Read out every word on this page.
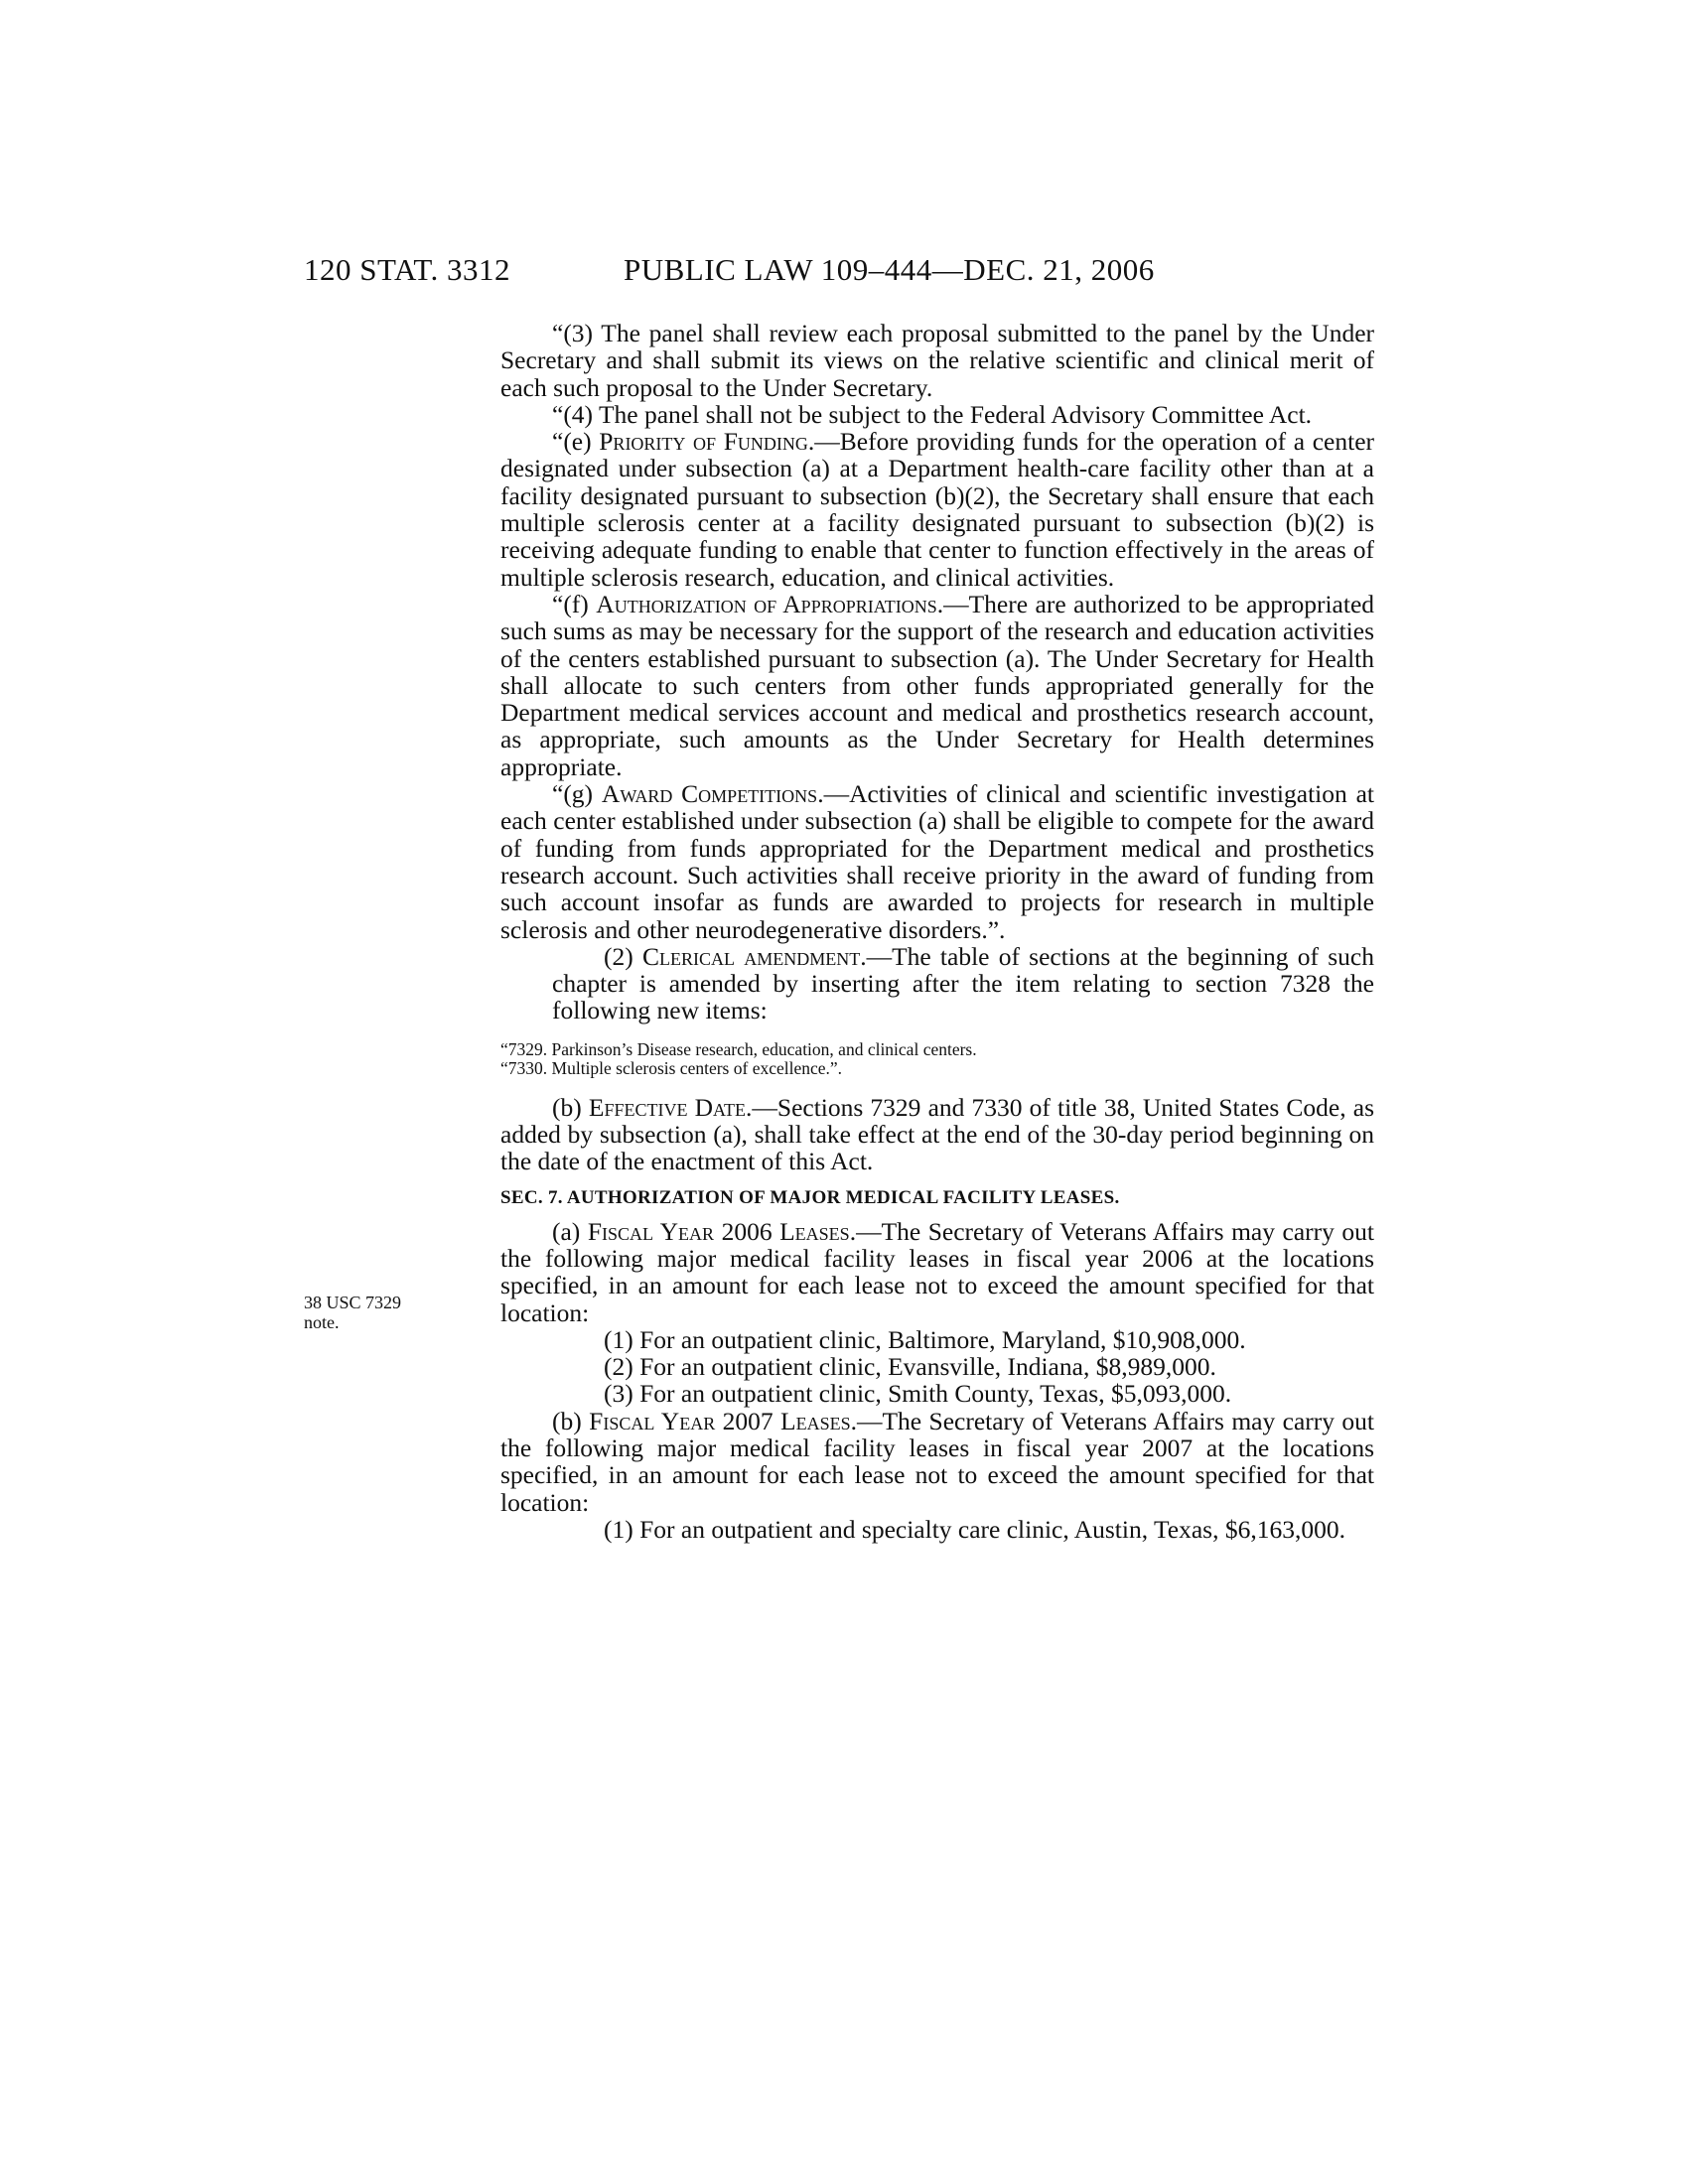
120 STAT. 3312	PUBLIC LAW 109–444—DEC. 21, 2006
38 USC 7329
note.

“(3) The panel shall review each proposal submitted to the panel by the Under Secretary and shall submit its views on the relative scientific and clinical merit of each such proposal to the Under Secretary.

“(4) The panel shall not be subject to the Federal Advisory Committee Act.

“(e) Priority of Funding.—Before providing funds for the operation of a center designated under subsection (a) at a Department health-care facility other than at a facility designated pursuant to subsection (b)(2), the Secretary shall ensure that each multiple sclerosis center at a facility designated pursuant to subsection (b)(2) is receiving adequate funding to enable that center to function effectively in the areas of multiple sclerosis research, education, and clinical activities.

“(f) Authorization of Appropriations.—There are authorized to be appropriated such sums as may be necessary for the support of the research and education activities of the centers established pursuant to subsection (a). The Under Secretary for Health shall allocate to such centers from other funds appropriated generally for the Department medical services account and medical and prosthetics research account, as appropriate, such amounts as the Under Secretary for Health determines appropriate.

“(g) Award Competitions.—Activities of clinical and scientific investigation at each center established under subsection (a) shall be eligible to compete for the award of funding from funds appropriated for the Department medical and prosthetics research account. Such activities shall receive priority in the award of funding from such account insofar as funds are awarded to projects for research in multiple sclerosis and other neurodegenerative disorders.”.

(2) Clerical amendment.—The table of sections at the beginning of such chapter is amended by inserting after the item relating to section 7328 the following new items:

“7329. Parkinson’s Disease research, education, and clinical centers.
“7330. Multiple sclerosis centers of excellence.”.

(b) Effective Date.—Sections 7329 and 7330 of title 38, United States Code, as added by subsection (a), shall take effect at the end of the 30-day period beginning on the date of the enactment of this Act.

SEC. 7. AUTHORIZATION OF MAJOR MEDICAL FACILITY LEASES.

(a) Fiscal Year 2006 Leases.—The Secretary of Veterans Affairs may carry out the following major medical facility leases in fiscal year 2006 at the locations specified, in an amount for each lease not to exceed the amount specified for that location:

(1) For an outpatient clinic, Baltimore, Maryland, $10,908,000.

(2) For an outpatient clinic, Evansville, Indiana, $8,989,000.

(3) For an outpatient clinic, Smith County, Texas, $5,093,000.

(b) Fiscal Year 2007 Leases.—The Secretary of Veterans Affairs may carry out the following major medical facility leases in fiscal year 2007 at the locations specified, in an amount for each lease not to exceed the amount specified for that location:

(1) For an outpatient and specialty care clinic, Austin, Texas, $6,163,000.
